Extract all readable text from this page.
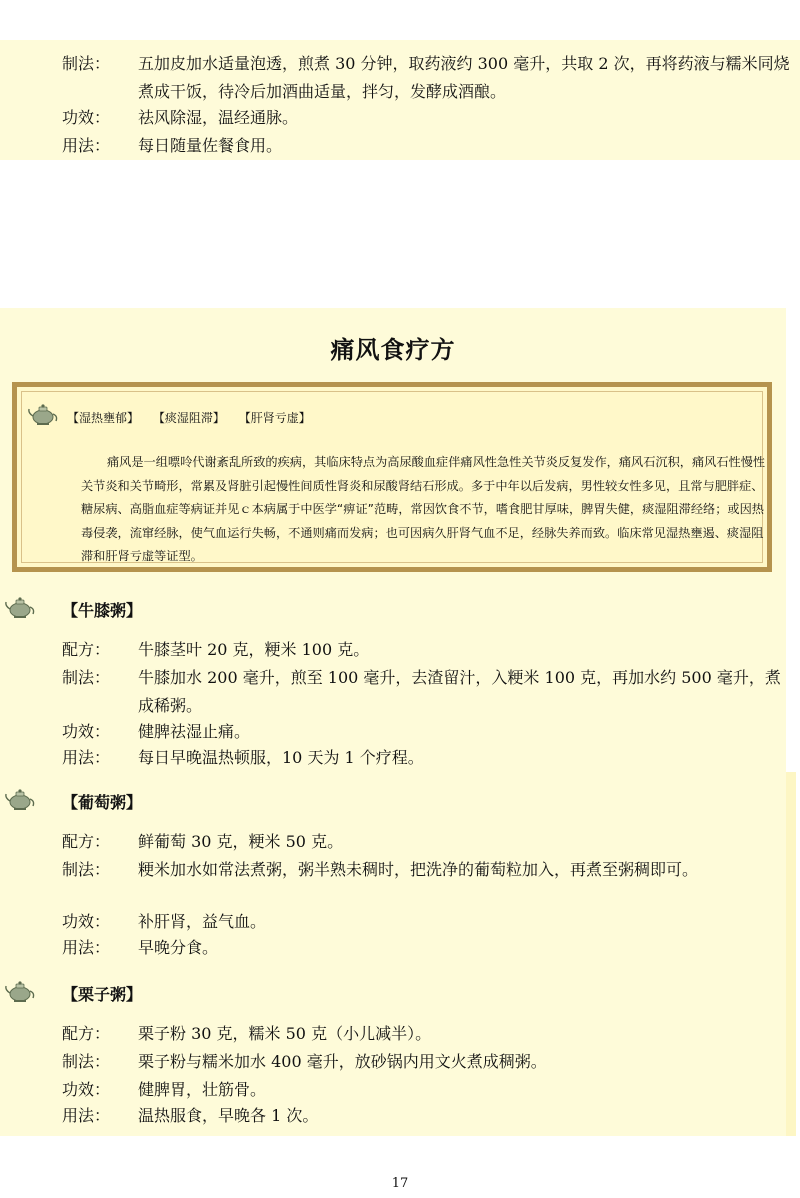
制法：	五加皮加水适量泡透，煎煮 30 分钟，取药液约 300 毫升，共取 2 次，再将药液与糯米同烧煮成干饭，待冷后加酒曲适量，拌匀，发酵成酒酿。
功效：	祛风除湿，温经通脉。
用法：	每日随量佐餐食用。
痛风食疗方
【湿热壅郁】 【痰湿阻滞】 【肝肾亏虚】
痛风是一组嘌呤代谢紊乱所致的疾病，其临床特点为高尿酸血症伴痛风性急性关节炎反复发作，痛风石沉积，痛风石性慢性关节炎和关节畸形，常累及肾脏引起慢性间质性肾炎和尿酸肾结石形成。多于中年以后发病，男性较女性多见，且常与肥胖症、糖尿病、高脂血症等病证并见ｃ本病属于中医学“痹证”范畴，常因饮食不节，嗜食肥甘厚味，脾胃失健，痰湿阻滞经络；或因热毒侵袭，流窜经脉，使气血运行失畅，不通则痛而发病；也可因病久肝肾气血不足，经脉失养而致。临床常见湿热壅遏、痰湿阻滞和肝肾亏虚等证型。
【牛膝粥】
配方：	牛膝茎叶 20 克，粳米 100 克。
制法：	牛膝加水 200 毫升，煎至 100 毫升，去渣留汁，入粳米 100 克，再加水约 500 毫升，煮成稀粥。
功效：	健脾祛湿止痛。
用法：	每日早晚温热顿服，10 天为 1 个疗程。
【葡萄粥】
配方：	鲜葡萄 30 克，粳米 50 克。
制法：	粳米加水如常法煮粥，粥半熟未稠时，把洗净的葡萄粒加入，再煮至粥稠即可。
功效：	补肝肾，益气血。
用法：	早晚分食。
【栗子粥】
配方：	栗子粉 30 克，糯米 50 克（小儿减半）。
制法：	栗子粉与糯米加水 400 毫升，放砂锅内用文火煮成稠粥。
功效：	健脾胃，壮筋骨。
用法：	温热服食，早晚各 1 次。
17
